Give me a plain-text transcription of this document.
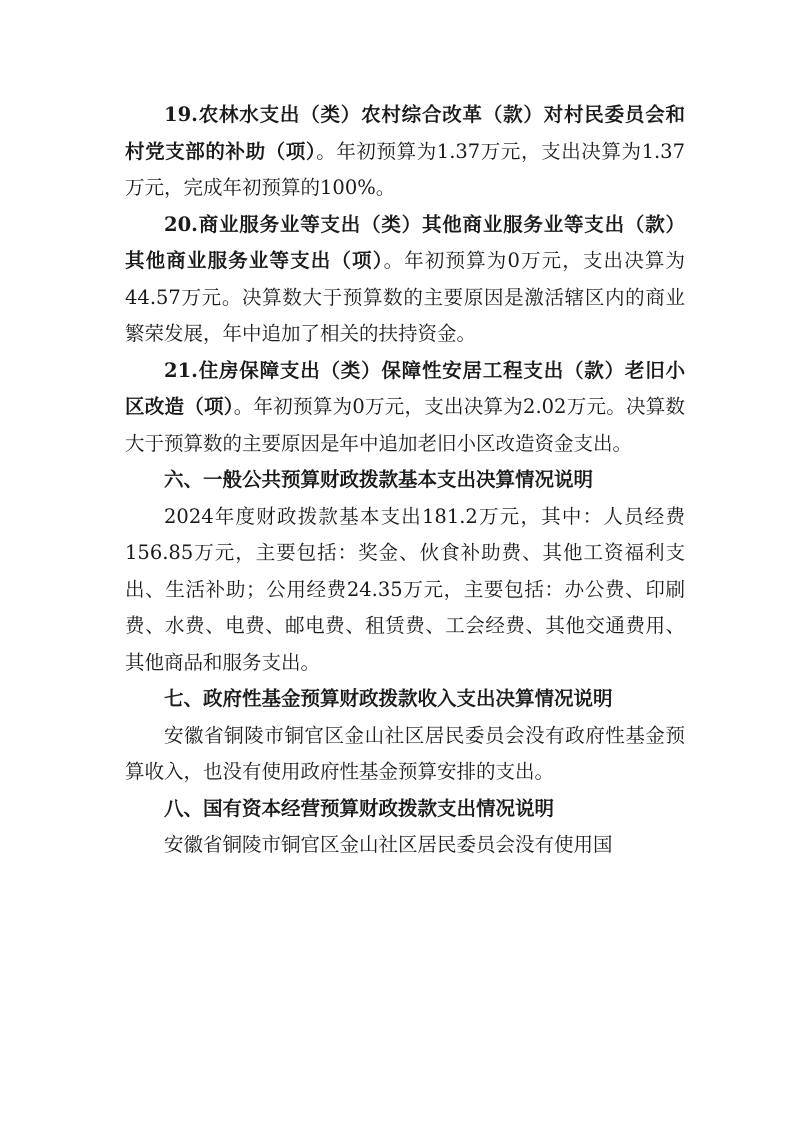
19.农林水支出（类）农村综合改革（款）对村民委员会和村党支部的补助（项）。年初预算为1.37万元，支出决算为1.37万元，完成年初预算的100%。

20.商业服务业等支出（类）其他商业服务业等支出（款）其他商业服务业等支出（项）。年初预算为0万元，支出决算为44.57万元。决算数大于预算数的主要原因是激活辖区内的商业繁荣发展，年中追加了相关的扶持资金。

21.住房保障支出（类）保障性安居工程支出（款）老旧小区改造（项）。年初预算为0万元，支出决算为2.02万元。决算数大于预算数的主要原因是年中追加老旧小区改造资金支出。

六、一般公共预算财政拨款基本支出决算情况说明

2024年度财政拨款基本支出181.2万元，其中：人员经费156.85万元，主要包括：奖金、伙食补助费、其他工资福利支出、生活补助；公用经费24.35万元，主要包括：办公费、印刷费、水费、电费、邮电费、租赁费、工会经费、其他交通费用、其他商品和服务支出。

七、政府性基金预算财政拨款收入支出决算情况说明

安徽省铜陵市铜官区金山社区居民委员会没有政府性基金预算收入，也没有使用政府性基金预算安排的支出。

八、国有资本经营预算财政拨款支出情况说明

安徽省铜陵市铜官区金山社区居民委员会没有使用国
